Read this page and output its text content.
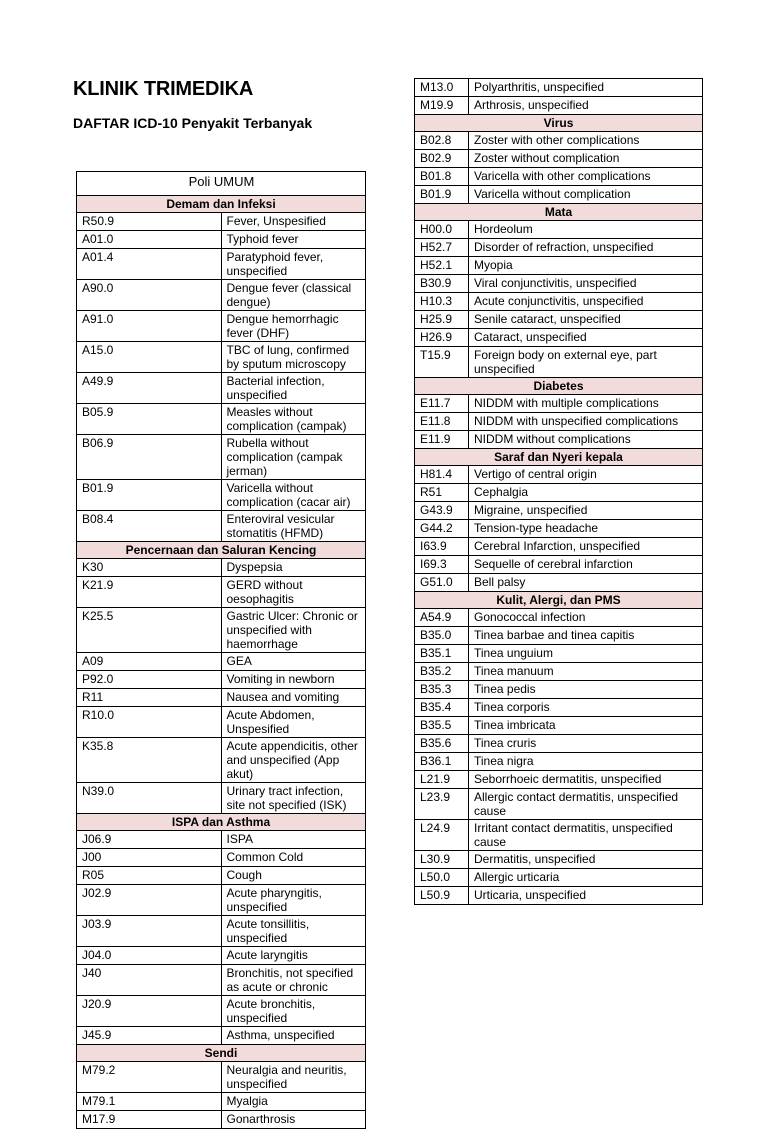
KLINIK TRIMEDIKA
DAFTAR ICD-10 Penyakit Terbanyak
Poli UMUM	
Demam dan Infeksi	
R50.9	Fever, Unspesified
A01.0	Typhoid fever
A01.4	Paratyphoid fever, unspecified
A90.0	Dengue fever (classical dengue)
A91.0	Dengue hemorrhagic fever (DHF)
A15.0	TBC of lung, confirmed by sputum microscopy
A49.9	Bacterial infection, unspecified
B05.9	Measles without complication (campak)
B06.9	Rubella without complication (campak jerman)
B01.9	Varicella without complication (cacar air)
B08.4	Enteroviral vesicular stomatitis (HFMD)
Pencernaan dan Saluran Kencing	
K30	Dyspepsia
K21.9	GERD without oesophagitis
K25.5	Gastric Ulcer: Chronic or unspecified with haemorrhage
A09	GEA
P92.0	Vomiting in newborn
R11	Nausea and vomiting
R10.0	Acute Abdomen, Unspesified
K35.8	Acute appendicitis, other and unspecified (App akut)
N39.0	Urinary tract infection, site not specified (ISK)
ISPA dan Asthma	
J06.9	ISPA
J00	Common Cold
R05	Cough
J02.9	Acute pharyngitis, unspecified
J03.9	Acute tonsillitis, unspecified
J04.0	Acute laryngitis
J40	Bronchitis, not specified as acute or chronic
J20.9	Acute bronchitis, unspecified
J45.9	Asthma, unspecified
Sendi	
M79.2	Neuralgia and neuritis, unspecified
M79.1	Myalgia
M17.9	Gonarthrosis
M13.0	Polyarthritis, unspecified
M19.9	Arthrosis, unspecified
Virus	
B02.8	Zoster with other complications
B02.9	Zoster without complication
B01.8	Varicella with other complications
B01.9	Varicella without complication
Mata	
H00.0	Hordeolum
H52.7	Disorder of refraction, unspecified
H52.1	Myopia
B30.9	Viral conjunctivitis, unspecified
H10.3	Acute conjunctivitis, unspecified
H25.9	Senile cataract, unspecified
H26.9	Cataract, unspecified
T15.9	Foreign body on external eye, part unspecified
Diabetes	
E11.7	NIDDM with multiple complications
E11.8	NIDDM with unspecified complications
E11.9	NIDDM without complications
Saraf dan Nyeri kepala	
H81.4	Vertigo of central origin
R51	Cephalgia
G43.9	Migraine, unspecified
G44.2	Tension-type headache
I63.9	Cerebral Infarction, unspecified
I69.3	Sequelle of cerebral infarction
G51.0	Bell palsy
Kulit, Alergi, dan PMS	
A54.9	Gonococcal infection
B35.0	Tinea barbae and tinea capitis
B35.1	Tinea unguium
B35.2	Tinea manuum
B35.3	Tinea pedis
B35.4	Tinea corporis
B35.5	Tinea imbricata
B35.6	Tinea cruris
B36.1	Tinea nigra
L21.9	Seborrhoeic dermatitis, unspecified
L23.9	Allergic contact dermatitis, unspecified cause
L24.9	Irritant contact dermatitis, unspecified cause
L30.9	Dermatitis, unspecified
L50.0	Allergic urticaria
L50.9	Urticaria, unspecified
